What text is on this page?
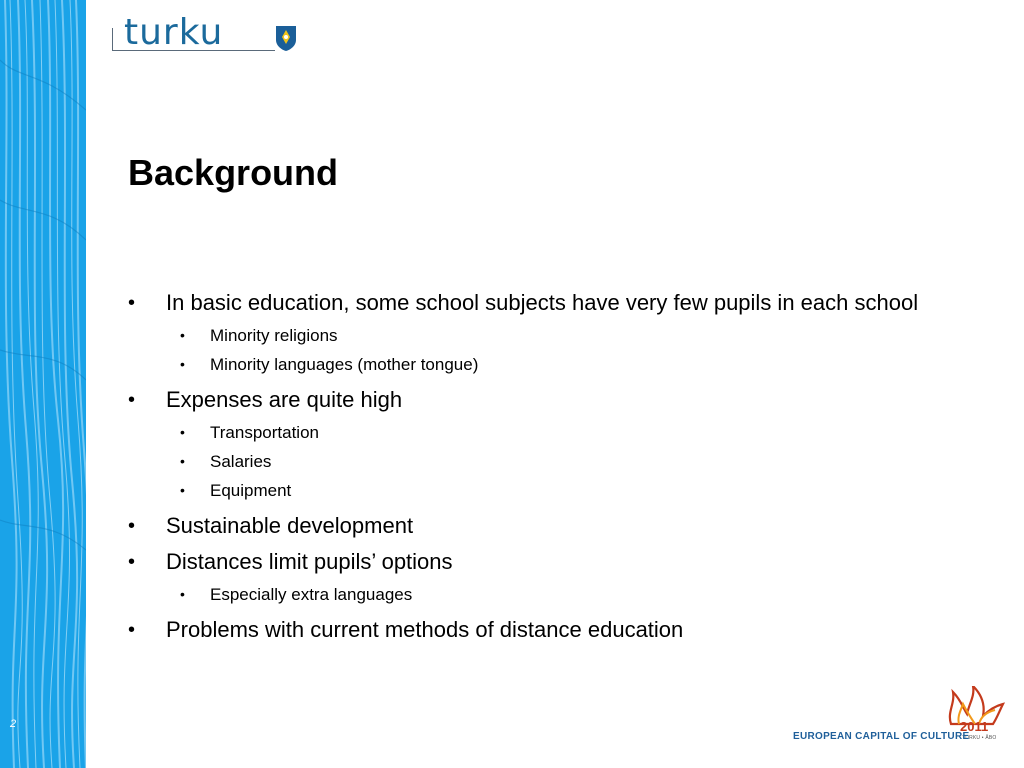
2
turku
Background
• In basic education, some school subjects have very few pupils in each school
• Minority religions
• Minority languages (mother tongue)
• Expenses are quite high
• Transportation
• Salaries
• Equipment
• Sustainable development
• Distances limit pupils’ options
• Especially extra languages
• Problems with current methods of distance education
2011
TURKU • ÅBO
EUROPEAN CAPITAL OF CULTURE
